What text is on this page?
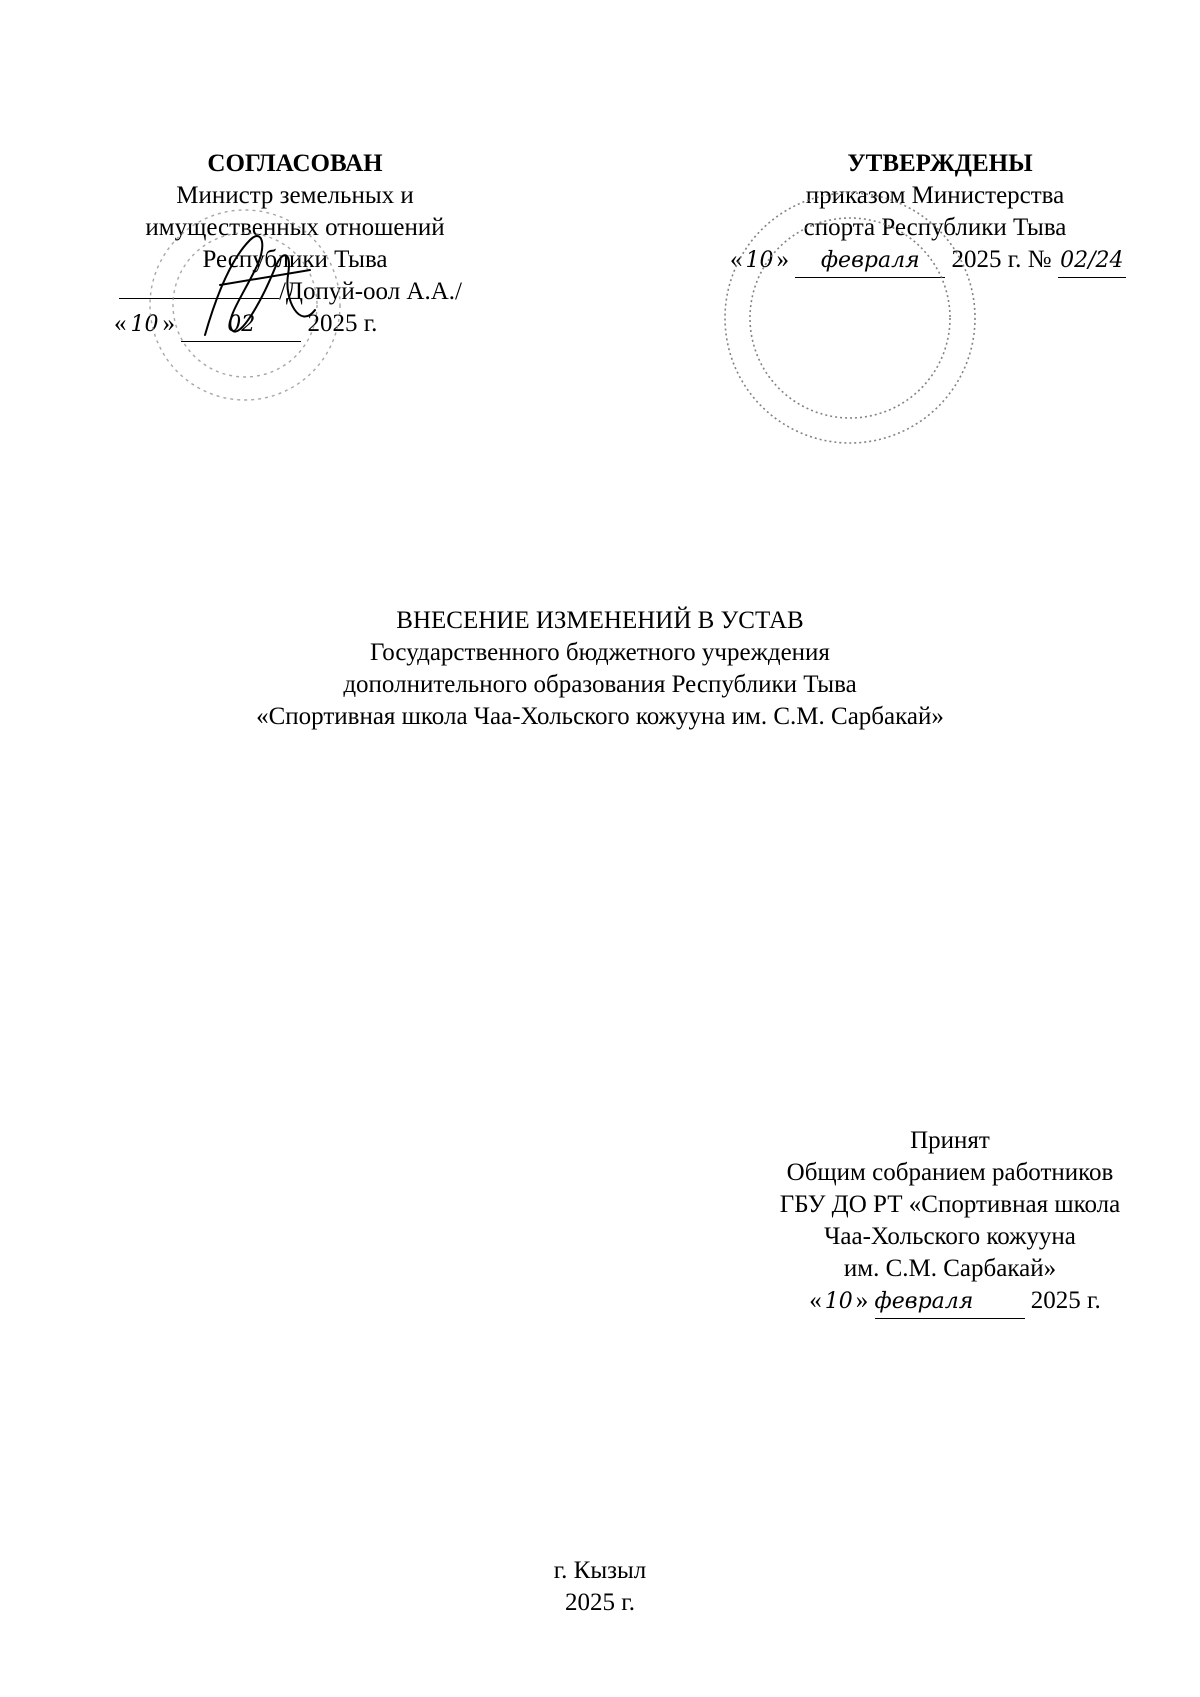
СОГЛАСОВАН
Министр земельных и
имущественных отношений
Республики Тыва
/Допуй-оол А.А./
« 10 » 02 2025 г.
УТВЕРЖДЕНЫ
приказом Министерства
спорта Республики Тыва
« 10 » февраля 2025 г. № 02/24
ВНЕСЕНИЕ ИЗМЕНЕНИЙ В УСТАВ
Государственного бюджетного учреждения
дополнительного образования Республики Тыва
«Спортивная школа Чаа-Хольского кожууна им. С.М. Сарбакай»
Принят
Общим собранием работников
ГБУ ДО РТ «Спортивная школа
Чаа-Хольского кожууна
им. С.М. Сарбакай»
« 10 » февраля 2025 г.
г. Кызыл
2025 г.
